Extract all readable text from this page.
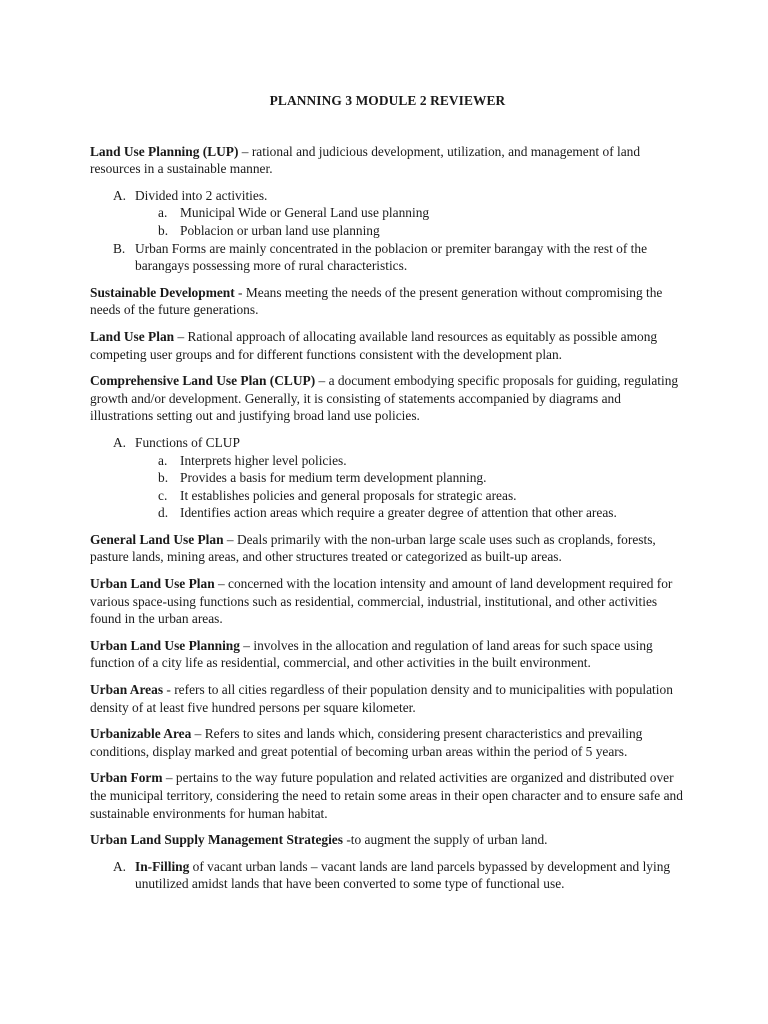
PLANNING 3 MODULE 2 REVIEWER

Land Use Planning (LUP) – rational and judicious development, utilization, and management of land resources in a sustainable manner.

A. Divided into 2 activities.
a. Municipal Wide or General Land use planning
b. Poblacion or urban land use planning
B. Urban Forms are mainly concentrated in the poblacion or premiter barangay with the rest of the barangays possessing more of rural characteristics.

Sustainable Development - Means meeting the needs of the present generation without compromising the needs of the future generations.

Land Use Plan – Rational approach of allocating available land resources as equitably as possible among competing user groups and for different functions consistent with the development plan.

Comprehensive Land Use Plan (CLUP) – a document embodying specific proposals for guiding, regulating growth and/or development. Generally, it is consisting of statements accompanied by diagrams and illustrations setting out and justifying broad land use policies.

A. Functions of CLUP
a. Interprets higher level policies.
b. Provides a basis for medium term development planning.
c. It establishes policies and general proposals for strategic areas.
d. Identifies action areas which require a greater degree of attention that other areas.

General Land Use Plan – Deals primarily with the non-urban large scale uses such as croplands, forests, pasture lands, mining areas, and other structures treated or categorized as built-up areas.

Urban Land Use Plan – concerned with the location intensity and amount of land development required for various space-using functions such as residential, commercial, industrial, institutional, and other activities found in the urban areas.

Urban Land Use Planning – involves in the allocation and regulation of land areas for such space using function of a city life as residential, commercial, and other activities in the built environment.

Urban Areas - refers to all cities regardless of their population density and to municipalities with population density of at least five hundred persons per square kilometer.

Urbanizable Area – Refers to sites and lands which, considering present characteristics and prevailing conditions, display marked and great potential of becoming urban areas within the period of 5 years.

Urban Form – pertains to the way future population and related activities are organized and distributed over the municipal territory, considering the need to retain some areas in their open character and to ensure safe and sustainable environments for human habitat.

Urban Land Supply Management Strategies -to augment the supply of urban land.

A. In-Filling of vacant urban lands – vacant lands are land parcels bypassed by development and lying unutilized amidst lands that have been converted to some type of functional use.
